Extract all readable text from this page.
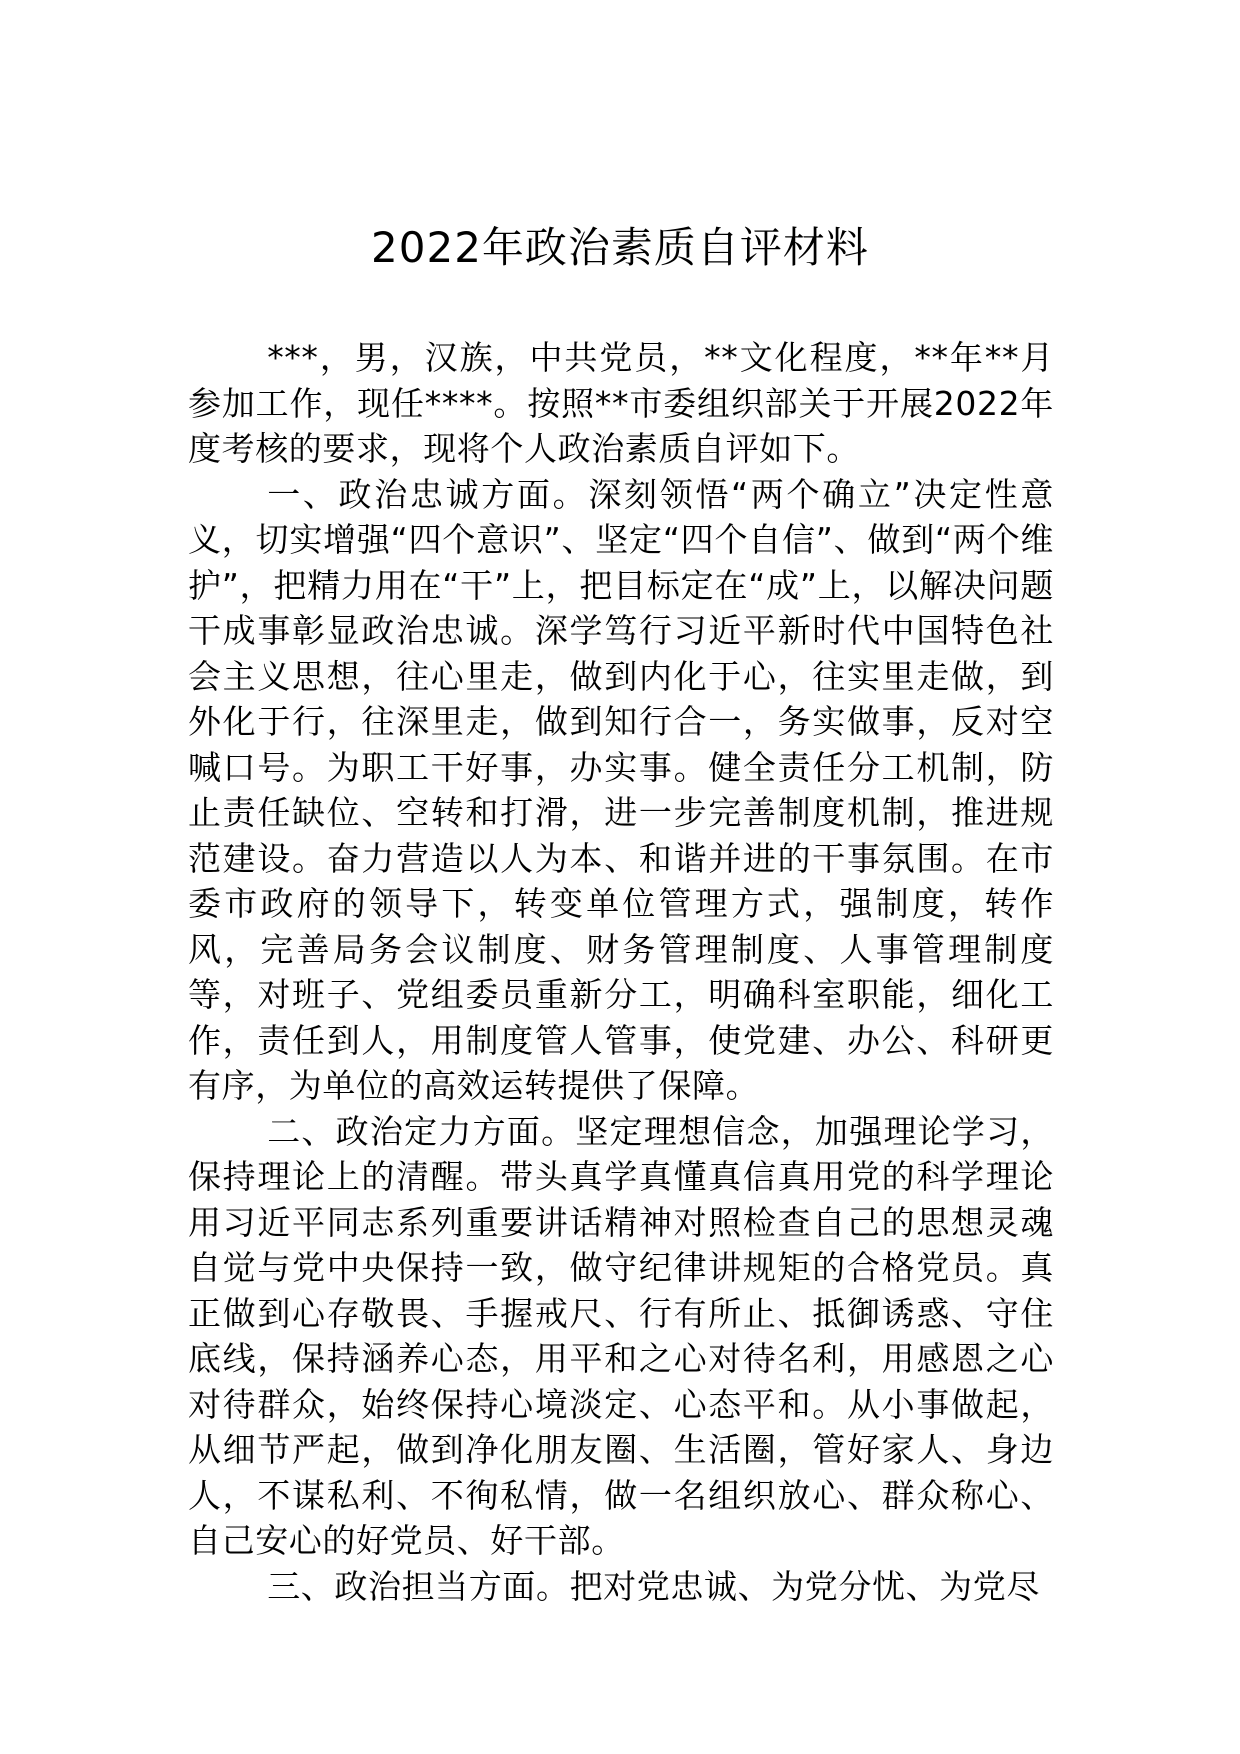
2022年政治素质自评材料

***，男，汉族，中共党员，**文化程度，**年**月参加工作，现任****。按照**市委组织部关于开展2022年度考核的要求，现将个人政治素质自评如下。

一、政治忠诚方面。深刻领悟“两个确立”决定性意义，切实增强“四个意识”、坚定“四个自信”、做到“两个维护”，把精力用在“干”上，把目标定在“成”上，以解决问题干成事彰显政治忠诚。深学笃行习近平新时代中国特色社会主义思想，往心里走，做到内化于心，往实里走做，到外化于行，往深里走，做到知行合一，务实做事，反对空喊口号。为职工干好事，办实事。健全责任分工机制，防止责任缺位、空转和打滑，进一步完善制度机制，推进规范建设。奋力营造以人为本、和谐并进的干事氛围。在市委市政府的领导下，转变单位管理方式，强制度，转作风，完善局务会议制度、财务管理制度、人事管理制度等，对班子、党组委员重新分工，明确科室职能，细化工作，责任到人，用制度管人管事，使党建、办公、科研更有序，为单位的高效运转提供了保障。

二、政治定力方面。坚定理想信念，加强理论学习，保持理论上的清醒。带头真学真懂真信真用党的科学理论用习近平同志系列重要讲话精神对照检查自己的思想灵魂自觉与党中央保持一致，做守纪律讲规矩的合格党员。真正做到心存敬畏、手握戒尺、行有所止、抵御诱惑、守住底线，保持涵养心态，用平和之心对待名利，用感恩之心对待群众，始终保持心境淡定、心态平和。从小事做起，从细节严起，做到净化朋友圈、生活圈，管好家人、身边人，不谋私利、不徇私情，做一名组织放心、群众称心、自己安心的好党员、好干部。

三、政治担当方面。把对党忠诚、为党分忧、为党尽
